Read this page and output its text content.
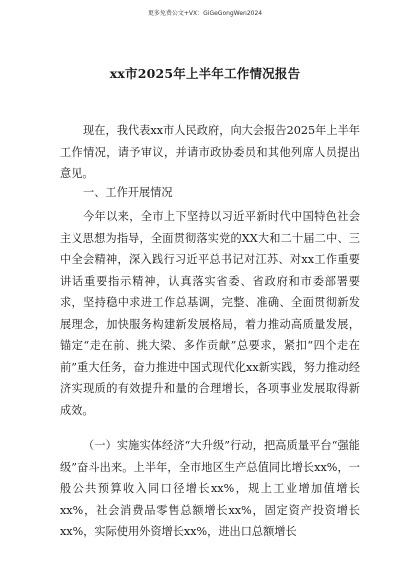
更多免费公文+VX：GiGeGongWen2024
xx市2025年上半年工作情况报告

现在，我代表xx市人民政府，向大会报告2025年上半年工作情况，请予审议，并请市政协委员和其他列席人员提出意见。

一、工作开展情况

今年以来，全市上下坚持以习近平新时代中国特色社会主义思想为指导，全面贯彻落实党的XX大和二十届二中、三中全会精神，深入践行习近平总书记对江苏、对xx工作重要讲话重要指示精神，认真落实省委、省政府和市委部署要求，坚持稳中求进工作总基调，完整、准确、全面贯彻新发展理念，加快服务构建新发展格局，着力推动高质量发展，锚定“走在前、挑大梁、多作贡献”总要求，紧扣“四个走在前”重大任务，奋力推进中国式现代化xx新实践，努力推动经济实现质的有效提升和量的合理增长，各项事业发展取得新成效。

（一）实施实体经济“大升级”行动，把高质量平台“强能级”奋斗出来。上半年，全市地区生产总值同比增长xx%，一般公共预算收入同口径增长xx%，规上工业增加值增长xx%，社会消费品零售总额增长xx%，固定资产投资增长xx%，实际使用外资增长xx%，进出口总额增长
